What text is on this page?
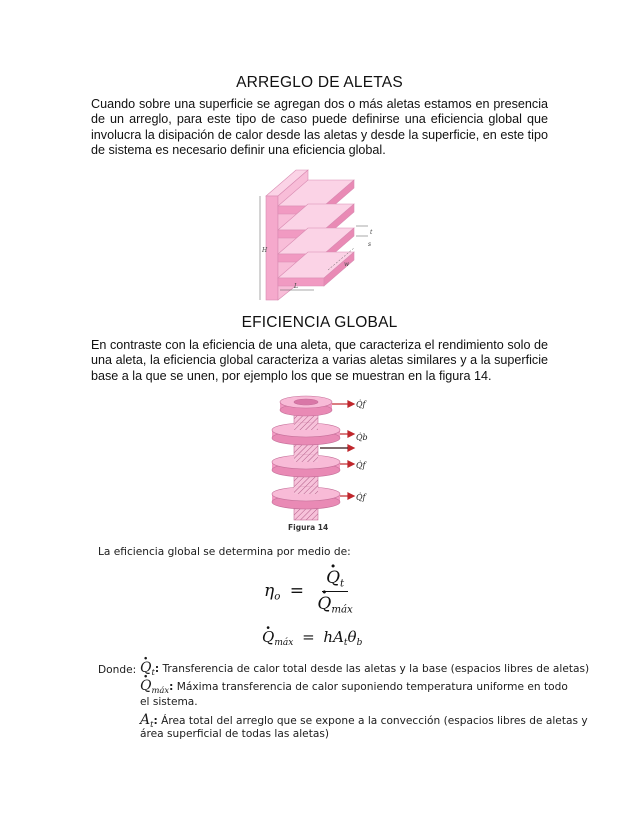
ARREGLO DE ALETAS
Cuando sobre una superficie se agregan dos o más aletas estamos en presencia de un arreglo, para este tipo de caso puede definirse una eficiencia global que involucra la disipación de calor desde las aletas y desde la superficie, en este tipo de sistema es necesario definir una eficiencia global.
H
L
t
w
s
EFICIENCIA GLOBAL
En contraste con la eficiencia de una aleta, que caracteriza el rendimiento solo de una aleta, la eficiencia global caracteriza a varias aletas similares y a la superficie base a la que se unen, por ejemplo los que se muestran en la figura 14.
Q̇f
Q̇b
Q̇f
Q̇f
Figura 14
La eficiencia global se determina por medio de:
$\eta_o$ = · $Q_t$
· $Q_{máx}$
· $Q_{máx} = hA_t\theta_b$
Donde: · $Q_t$: Transferencia de calor total desde las aletas y la base (espacios libres de aletas)
· $Q_{máx}$: Máxima transferencia de calor suponiendo temperatura uniforme en todo
el sistema.
$A_t$: Área total del arreglo que se expone a la convección (espacios libres de aletas y
área superficial de todas las aletas)
